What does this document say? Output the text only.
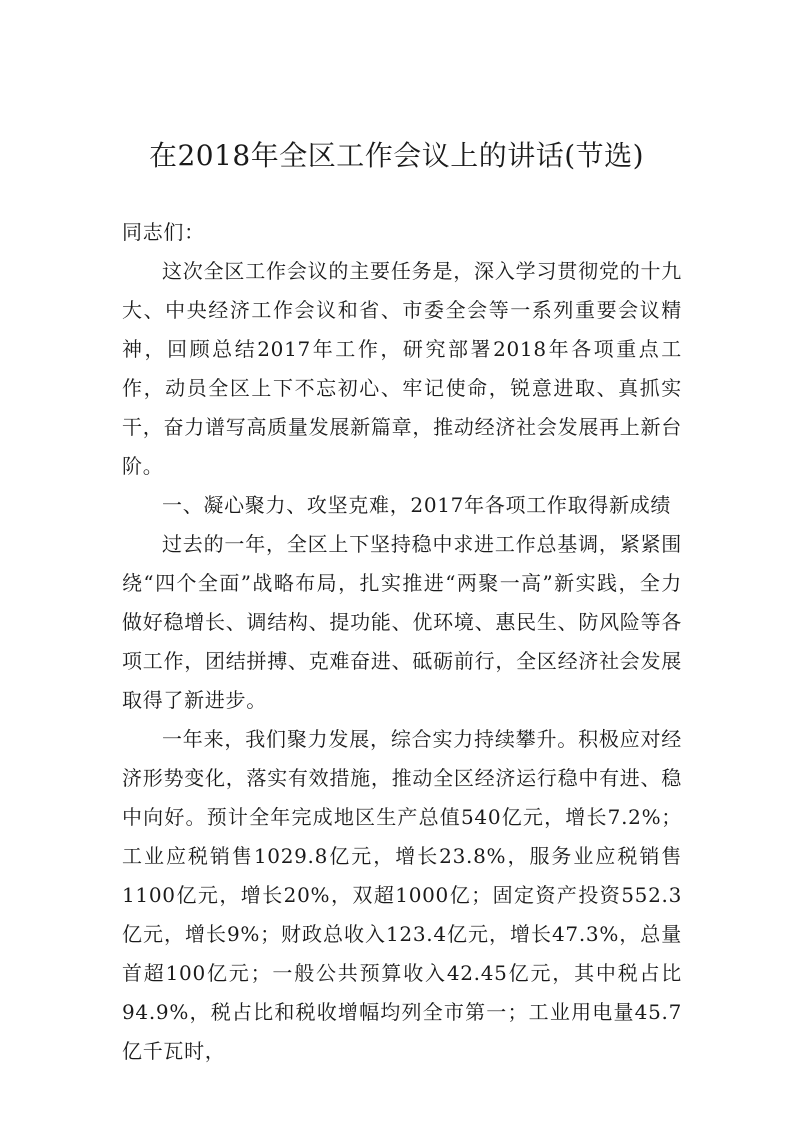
在2018年全区工作会议上的讲话(节选)

同志们：

这次全区工作会议的主要任务是，深入学习贯彻党的十九大、中央经济工作会议和省、市委全会等一系列重要会议精神，回顾总结2017年工作，研究部署2018年各项重点工作，动员全区上下不忘初心、牢记使命，锐意进取、真抓实干，奋力谱写高质量发展新篇章，推动经济社会发展再上新台阶。

一、凝心聚力、攻坚克难，2017年各项工作取得新成绩

过去的一年，全区上下坚持稳中求进工作总基调，紧紧围绕“四个全面”战略布局，扎实推进“两聚一高”新实践，全力做好稳增长、调结构、提功能、优环境、惠民生、防风险等各项工作，团结拼搏、克难奋进、砥砺前行，全区经济社会发展取得了新进步。

一年来，我们聚力发展，综合实力持续攀升。积极应对经济形势变化，落实有效措施，推动全区经济运行稳中有进、稳中向好。预计全年完成地区生产总值540亿元，增长7.2%；工业应税销售1029.8亿元，增长23.8%，服务业应税销售1100亿元，增长20%，双超1000亿；固定资产投资552.3亿元，增长9%；财政总收入123.4亿元，增长47.3%，总量首超100亿元；一般公共预算收入42.45亿元，其中税占比94.9%，税占比和税收增幅均列全市第一；工业用电量45.7亿千瓦时，
